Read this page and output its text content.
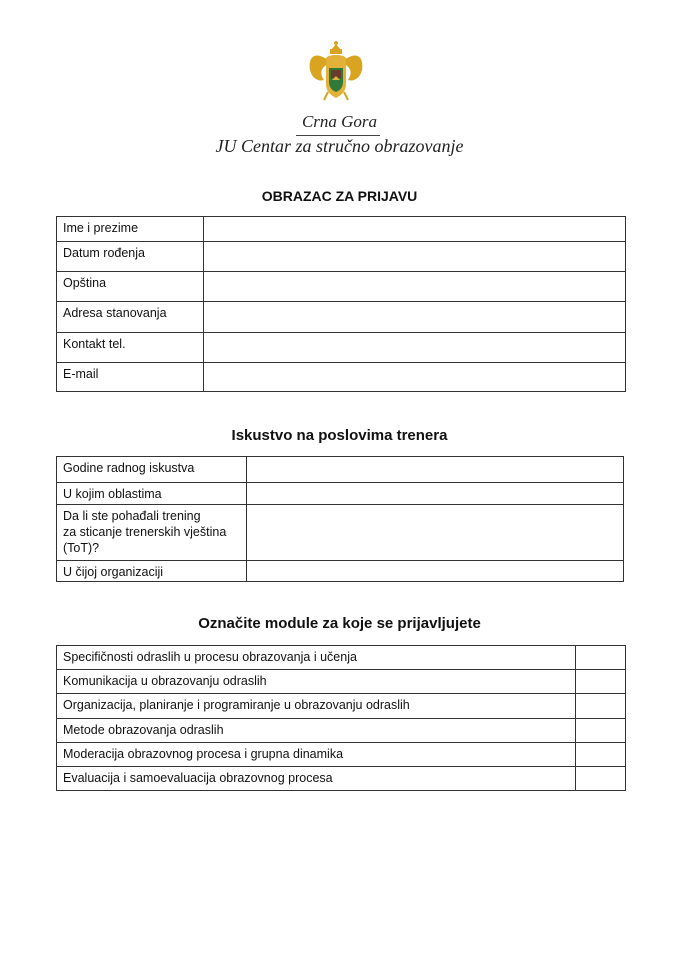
Crna Gora
JU Centar za stručno obrazovanje
OBRAZAC ZA PRIJAVU
Ime i prezime	
Datum rođenja	
Opština	
Adresa stanovanja	
Kontakt tel.	
E-mail	
Iskustvo na poslovima trenera
Godine radnog iskustva	
U kojim oblastima	
Da li ste pohađali trening
za sticanje trenerskih vještina
(ToT)?	
U čijoj organizaciji	
Označite module za koje se prijavljujete
Specifičnosti odraslih u procesu obrazovanja i učenja	
Komunikacija u obrazovanju odraslih	
Organizacija, planiranje i programiranje u obrazovanju odraslih	
Metode obrazovanja odraslih	
Moderacija obrazovnog procesa i grupna dinamika	
Evaluacija i samoevaluacija obrazovnog procesa	
